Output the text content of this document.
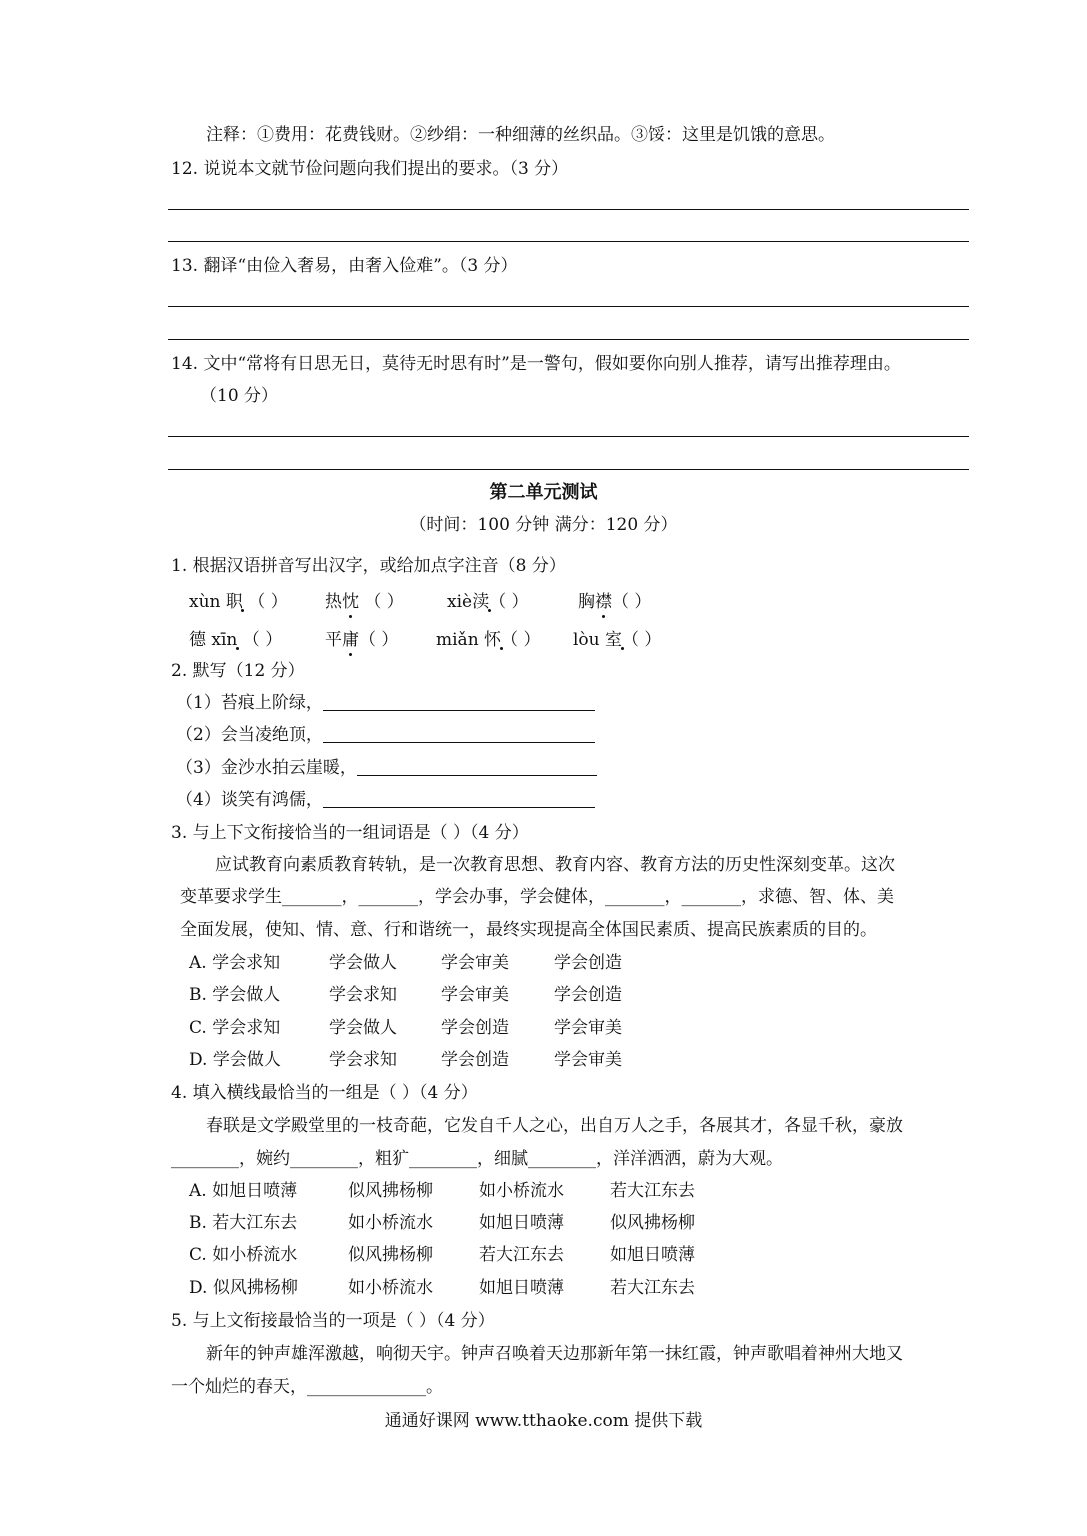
注释：①费用：花费钱财。②纱绢：一种细薄的丝织品。③馁：这里是饥饿的意思。
12. 说说本文就节俭问题向我们提出的要求。（3 分）
13. 翻译“由俭入奢易，由奢入俭难”。（3 分）
14. 文中“常将有日思无日，莫待无时思有时”是一警句，假如要你向别人推荐，请写出推荐理由。
（10 分）
第二单元测试
（时间：100 分钟 满分：120 分）
1. 根据汉语拼音写出汉字，或给加点字注音（8 分）
xùn 职 （ ） 热忱 （ ）	xiè渎（ ）	胸襟（ ）
德 xīn （ ）	平庸（ ） miǎn 怀（ ） lòu 室（ ）
2. 默写（12 分）
（1）苔痕上阶绿，
（2）会当凌绝顶，
（3）金沙水拍云崖暖，
（4）谈笑有鸿儒，
3. 与上下文衔接恰当的一组词语是（ ）（4 分）
应试教育向素质教育转轨，是一次教育思想、教育内容、教育方法的历史性深刻变革。这次
变革要求学生_______，_______，学会办事，学会健体，_______，_______，求德、智、体、美
全面发展，使知、情、意、行和谐统一，最终实现提高全体国民素质、提高民族素质的目的。
A. 学会求知	学会做人	学会审美	学会创造
B. 学会做人	学会求知	学会审美	学会创造
C. 学会求知	学会做人	学会创造	学会审美
D. 学会做人	学会求知	学会创造	学会审美
4. 填入横线最恰当的一组是（ ）（4 分）
春联是文学殿堂里的一枝奇葩，它发自千人之心，出自万人之手，各展其才，各显千秋，豪放
________，婉约________，粗犷________，细腻________，洋洋洒洒，蔚为大观。
A. 如旭日喷薄	似风拂杨柳	如小桥流水	若大江东去
B. 若大江东去	如小桥流水	如旭日喷薄	似风拂杨柳
C. 如小桥流水	似风拂杨柳	若大江东去	如旭日喷薄
D. 似风拂杨柳	如小桥流水	如旭日喷薄	若大江东去
5. 与上文衔接最恰当的一项是（ ）（4 分）
新年的钟声雄浑激越，响彻天宇。钟声召唤着天边那新年第一抹红霞，钟声歌唱着神州大地又
一个灿烂的春天，______________。
通通好课网 www.tthaoke.com 提供下载
